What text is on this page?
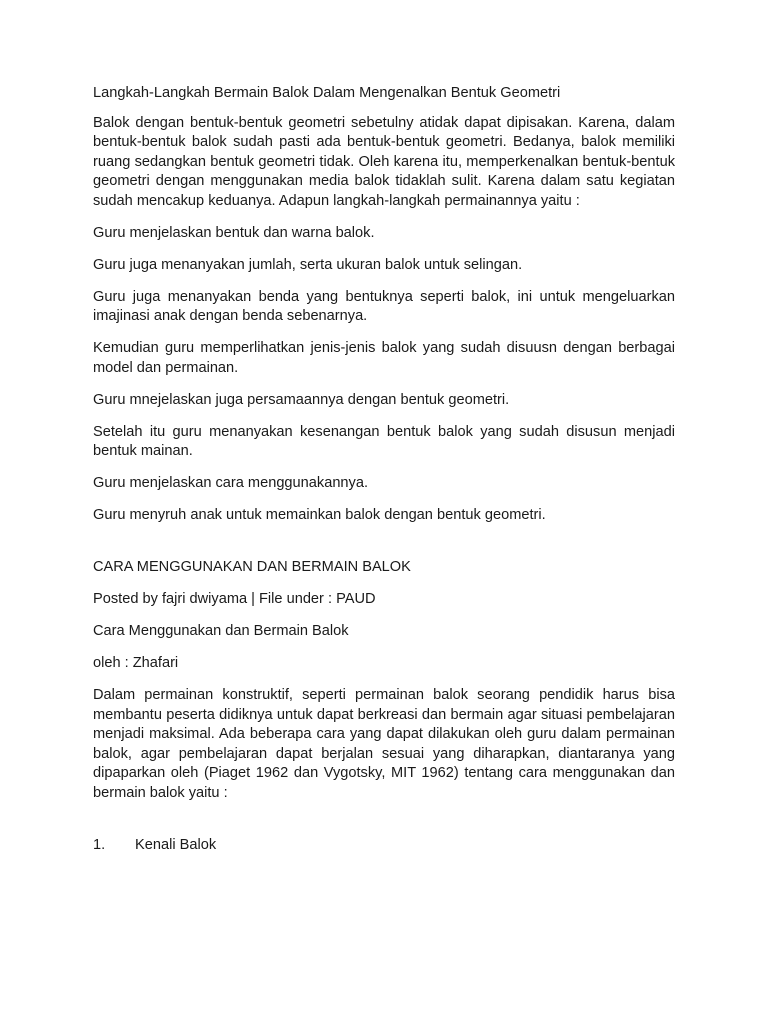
Langkah-Langkah Bermain Balok Dalam Mengenalkan Bentuk Geometri

Balok dengan bentuk-bentuk geometri sebetulny atidak dapat dipisakan. Karena, dalam bentuk-bentuk balok sudah pasti ada bentuk-bentuk geometri. Bedanya, balok memiliki ruang sedangkan bentuk geometri tidak. Oleh karena itu, memperkenalkan bentuk-bentuk geometri dengan menggunakan media balok tidaklah sulit. Karena dalam satu kegiatan sudah mencakup keduanya. Adapun langkah-langkah permainannya yaitu :

Guru menjelaskan bentuk dan warna balok.

Guru juga menanyakan jumlah, serta ukuran balok untuk selingan.

Guru juga menanyakan benda yang bentuknya seperti balok, ini untuk mengeluarkan imajinasi anak dengan benda sebenarnya.

Kemudian guru memperlihatkan jenis-jenis balok yang sudah disuusn dengan berbagai model dan permainan.

Guru mnejelaskan juga persamaannya dengan bentuk geometri.

Setelah itu guru menanyakan kesenangan bentuk balok yang sudah disusun menjadi bentuk mainan.

Guru menjelaskan cara menggunakannya.

Guru menyruh anak untuk memainkan balok dengan bentuk geometri.

CARA MENGGUNAKAN DAN BERMAIN BALOK

Posted by fajri dwiyama | File under : PAUD

Cara Menggunakan dan Bermain Balok

oleh : Zhafari

Dalam permainan konstruktif, seperti permainan balok seorang pendidik harus bisa membantu peserta didiknya untuk dapat berkreasi dan bermain agar situasi pembelajaran menjadi maksimal. Ada beberapa cara yang dapat dilakukan oleh guru dalam permainan balok, agar pembelajaran dapat berjalan sesuai yang diharapkan, diantaranya yang dipaparkan oleh (Piaget 1962 dan Vygotsky, MIT 1962) tentang cara menggunakan dan bermain balok yaitu :

1.	Kenali Balok
